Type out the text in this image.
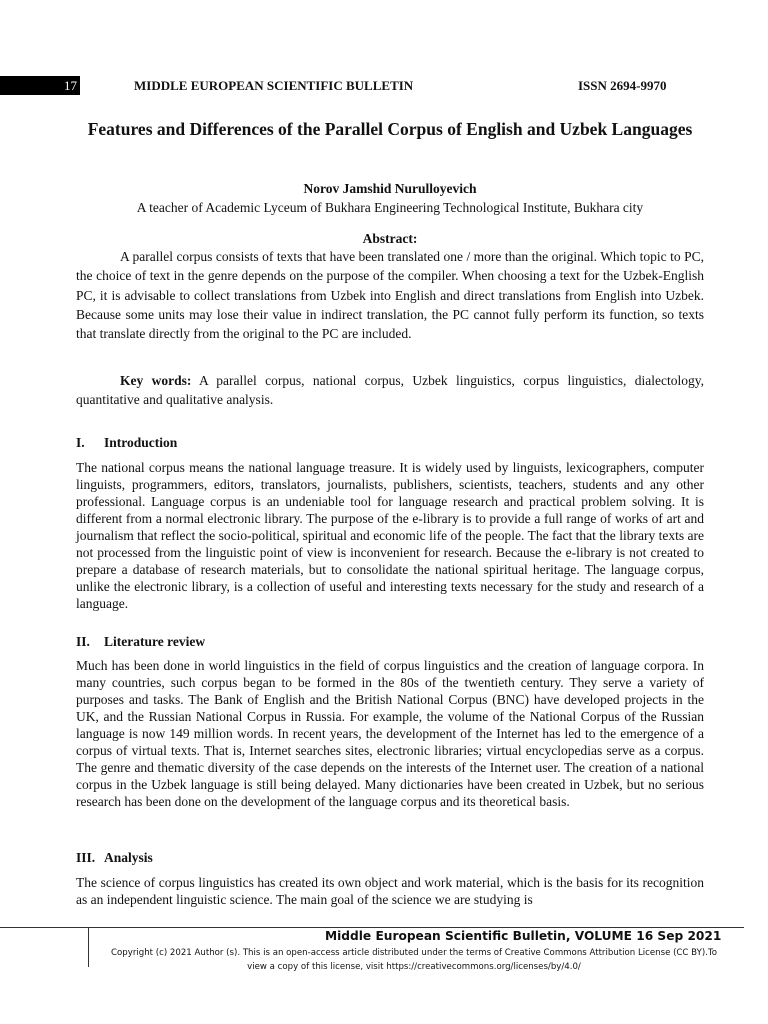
17	MIDDLE EUROPEAN SCIENTIFIC BULLETIN	ISSN 2694-9970
Features and Differences of the Parallel Corpus of English and Uzbek Languages
Norov Jamshid Nurulloyevich
A teacher of Academic Lyceum of Bukhara Engineering Technological Institute, Bukhara city
Abstract:

A parallel corpus consists of texts that have been translated one / more than the original. Which topic to PC, the choice of text in the genre depends on the purpose of the compiler. When choosing a text for the Uzbek-English PC, it is advisable to collect translations from Uzbek into English and direct translations from English into Uzbek. Because some units may lose their value in indirect translation, the PC cannot fully perform its function, so texts that translate directly from the original to the PC are included.

Key words: A parallel corpus, national corpus, Uzbek linguistics, corpus linguistics, dialectology, quantitative and qualitative analysis.

I. Introduction

The national corpus means the national language treasure. It is widely used by linguists, lexicographers, computer linguists, programmers, editors, translators, journalists, publishers, scientists, teachers, students and any other professional. Language corpus is an undeniable tool for language research and practical problem solving. It is different from a normal electronic library. The purpose of the e-library is to provide a full range of works of art and journalism that reflect the socio-political, spiritual and economic life of the people. The fact that the library texts are not processed from the linguistic point of view is inconvenient for research. Because the e-library is not created to prepare a database of research materials, but to consolidate the national spiritual heritage. The language corpus, unlike the electronic library, is a collection of useful and interesting texts necessary for the study and research of a language.

II. Literature review

Much has been done in world linguistics in the field of corpus linguistics and the creation of language corpora. In many countries, such corpus began to be formed in the 80s of the twentieth century. They serve a variety of purposes and tasks. The Bank of English and the British National Corpus (BNC) have developed projects in the UK, and the Russian National Corpus in Russia. For example, the volume of the National Corpus of the Russian language is now 149 million words. In recent years, the development of the Internet has led to the emergence of a corpus of virtual texts. That is, Internet searches sites, electronic libraries; virtual encyclopedias serve as a corpus. The genre and thematic diversity of the case depends on the interests of the Internet user. The creation of a national corpus in the Uzbek language is still being delayed. Many dictionaries have been created in Uzbek, but no serious research has been done on the development of the language corpus and its theoretical basis.

III. Analysis

The science of corpus linguistics has created its own object and work material, which is the basis for its recognition as an independent linguistic science. The main goal of the science we are studying is

Middle European Scientific Bulletin, VOLUME 16 Sep 2021
Copyright (c) 2021 Author (s). This is an open-access article distributed under the terms of Creative Commons Attribution License (CC BY).To view a copy of this license, visit https://creativecommons.org/licenses/by/4.0/
